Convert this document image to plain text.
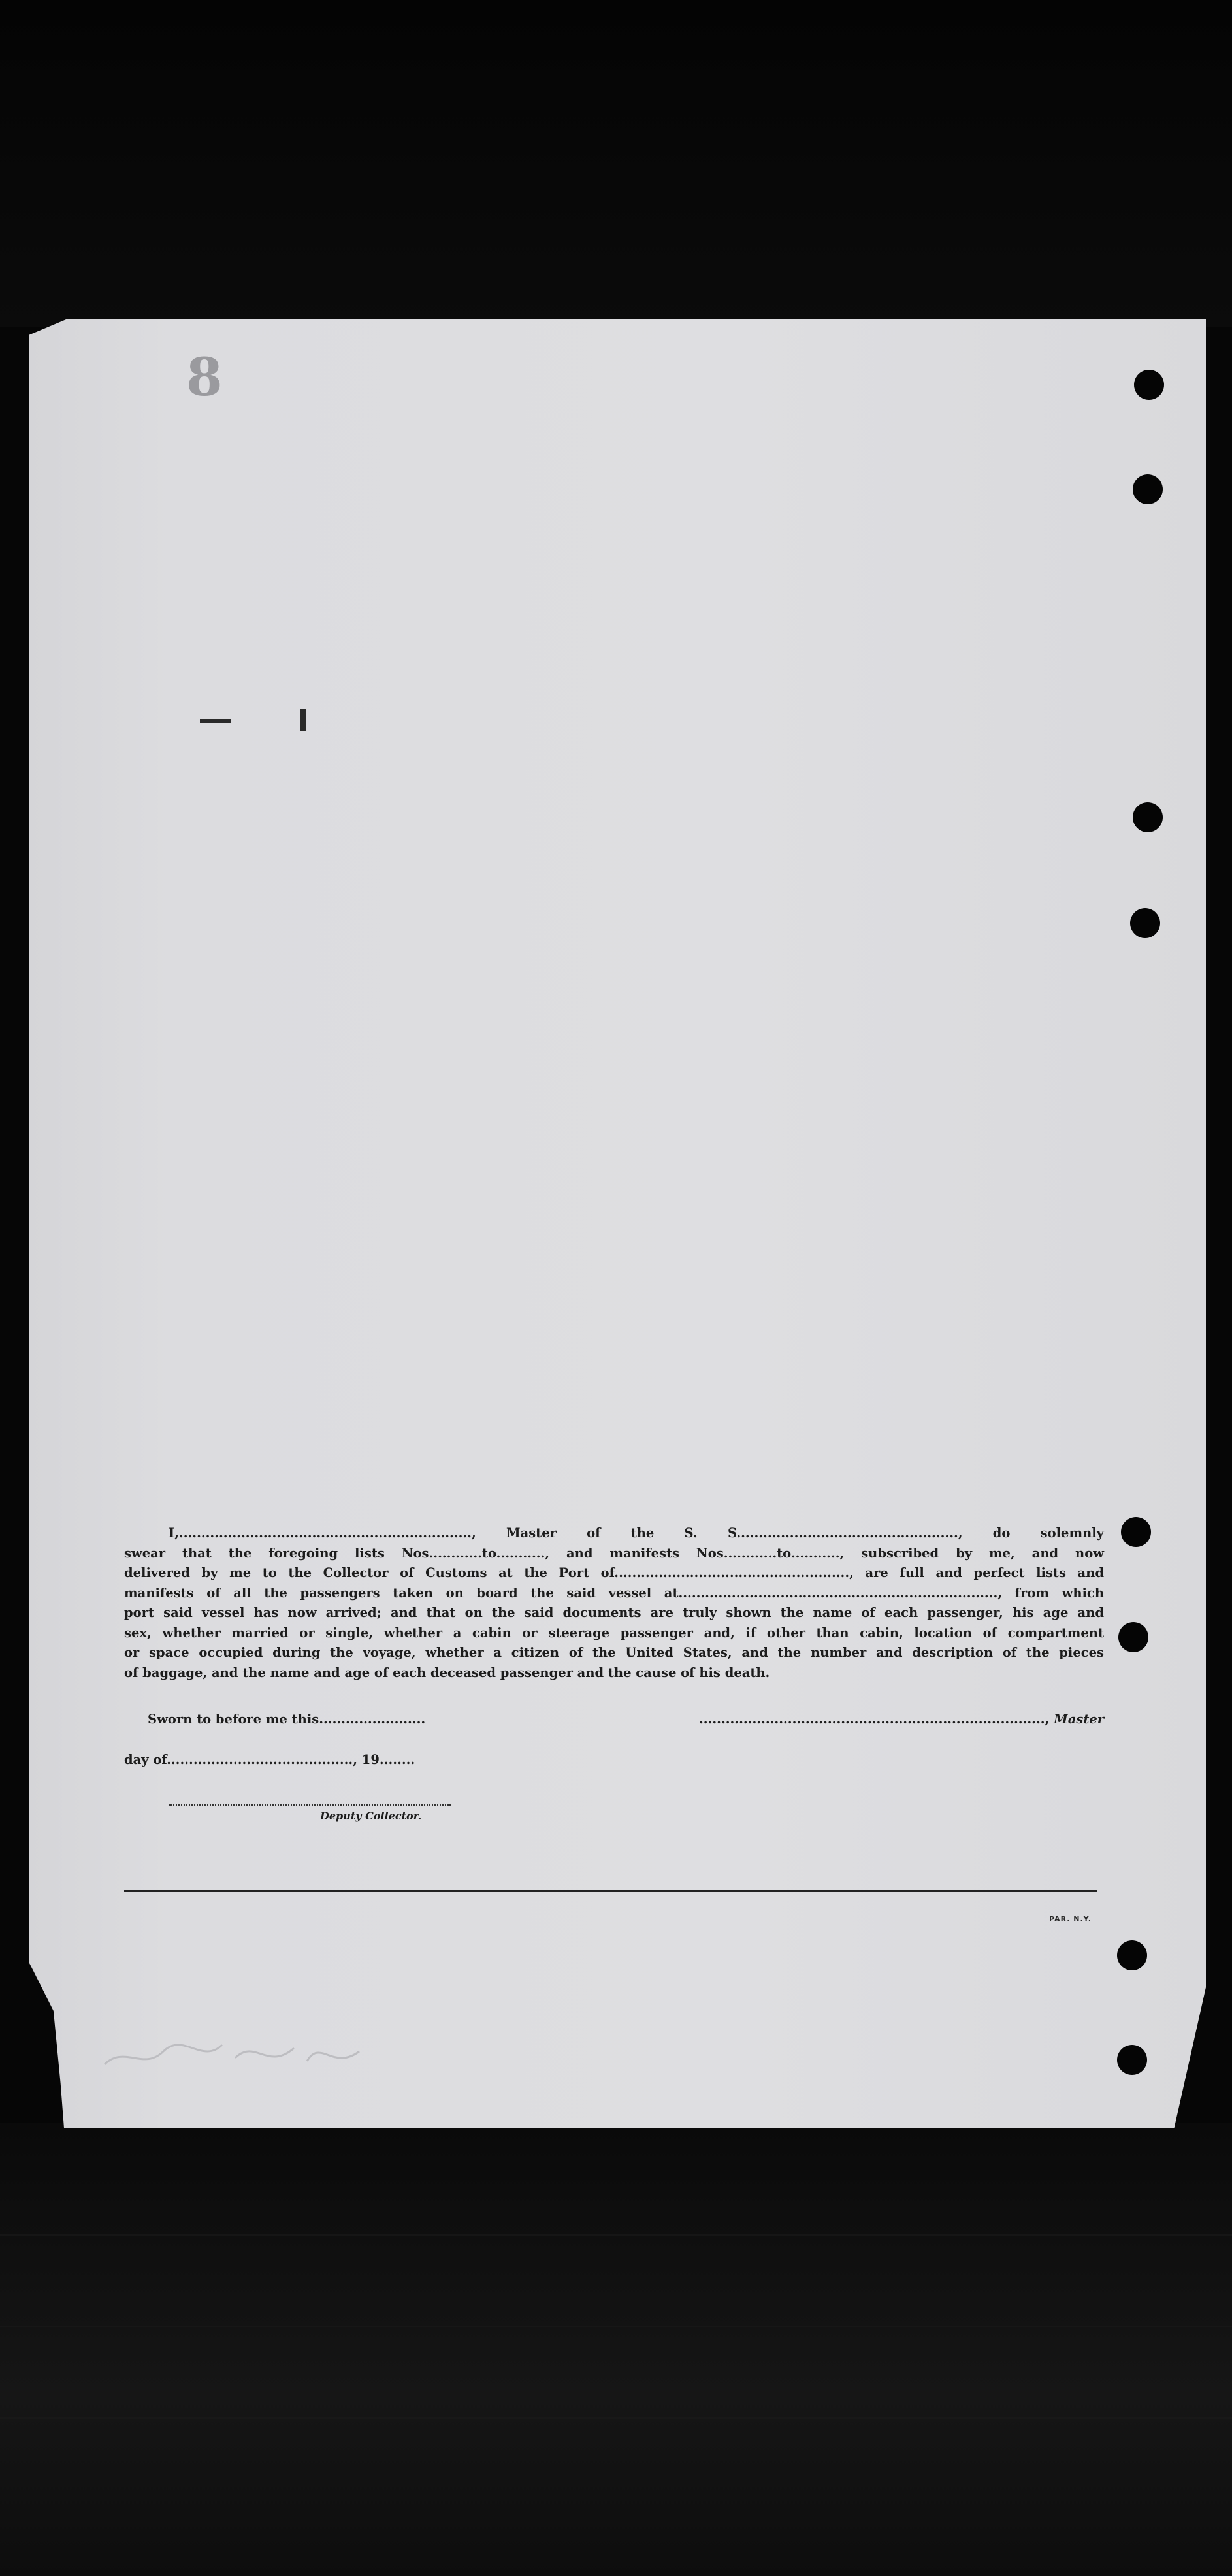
8
I,.................................................................., Master of the S. S.................................................., do solemnly
swear that the foregoing lists Nos............to..........., and manifests Nos............to..........., subscribed by me, and now
delivered by me to the Collector of Customs at the Port of....................................................., are full and perfect lists and
manifests of all the passengers taken on board the said vessel at........................................................................, from which
port said vessel has now arrived; and that on the said documents are truly shown the name of each passenger, his age and
sex, whether married or single, whether a cabin or steerage passenger and, if other than cabin, location of compartment
or space occupied during the voyage, whether a citizen of the United States, and the number and description of the pieces
of baggage, and the name and age of each deceased passenger and the cause of his death.
Sworn to before me this........................	.............................................................................., Master
day of.........................................., 19........
Deputy Collector.
PAR. N.Y.
